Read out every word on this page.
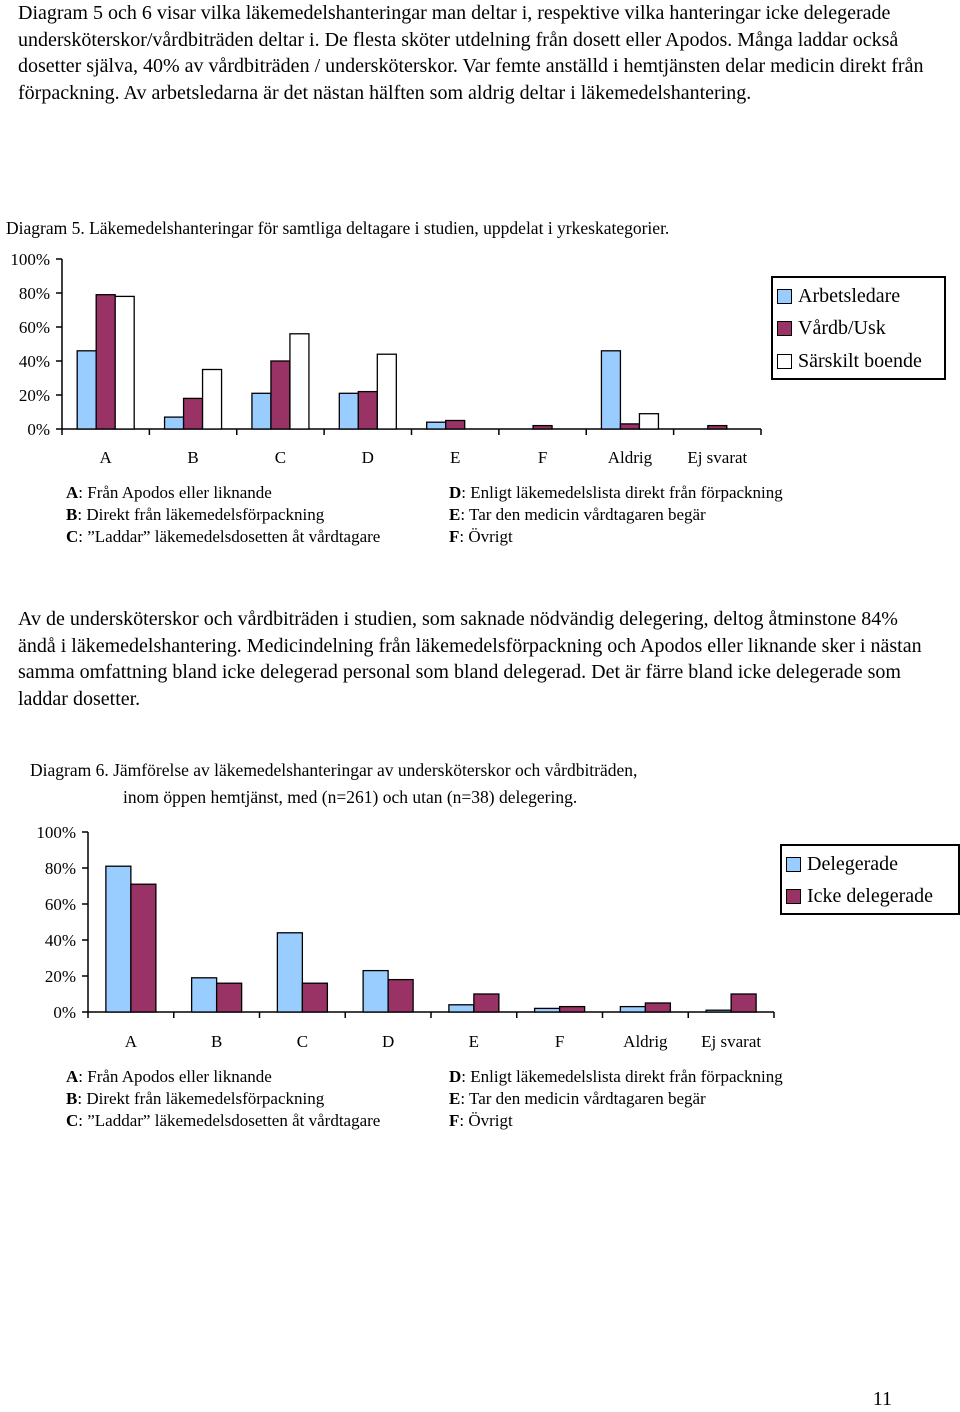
Diagram 5 och 6 visar vilka läkemedelshanteringar man deltar i, respektive vilka hanteringar icke delegerade undersköterskor/vårdbiträden deltar i. De flesta sköter utdelning från dosett eller Apodos. Många laddar också dosetter själva, 40% av vårdbiträden / undersköterskor. Var femte anställd i hemtjänsten delar medicin direkt från förpackning. Av arbetsledarna är det nästan hälften som aldrig deltar i läkemedelshantering.

Diagram 5. Läkemedelshanteringar för samtliga deltagare i studien, uppdelat i yrkeskategorier.

0%
20%
40%
60%
80%
100%
A	B	C	D	E	F	Aldrig Ej svarat
Arbetsledare
Vårdb/Usk
Särskilt boende
A: Från Apodos eller liknande
B: Direkt från läkemedelsförpackning
C: ”Laddar” läkemedelsdosetten åt vårdtagare
D: Enligt läkemedelslista direkt från förpackning
E: Tar den medicin vårdtagaren begär
F: Övrigt

Av de undersköterskor och vårdbiträden i studien, som saknade nödvändig delegering, deltog åtminstone 84% ändå i läkemedelshantering. Medicindelning från läkemedelsförpackning och Apodos eller liknande sker i nästan samma omfattning bland icke delegerad personal som bland delegerad. Det är färre bland icke delegerade som laddar dosetter.

Diagram 6. Jämförelse av läkemedelshanteringar av undersköterskor och vårdbiträden,

inom öppen hemtjänst, med (n=261) och utan (n=38) delegering.

0%
20%
40%
60%
80%
100%
A	B	C	D	E	F	Aldrig Ej svarat
Delegerade
Icke delegerade
A: Från Apodos eller liknande
B: Direkt från läkemedelsförpackning
C: ”Laddar” läkemedelsdosetten åt vårdtagare
D: Enligt läkemedelslista direkt från förpackning
E: Tar den medicin vårdtagaren begär
F: Övrigt
11
